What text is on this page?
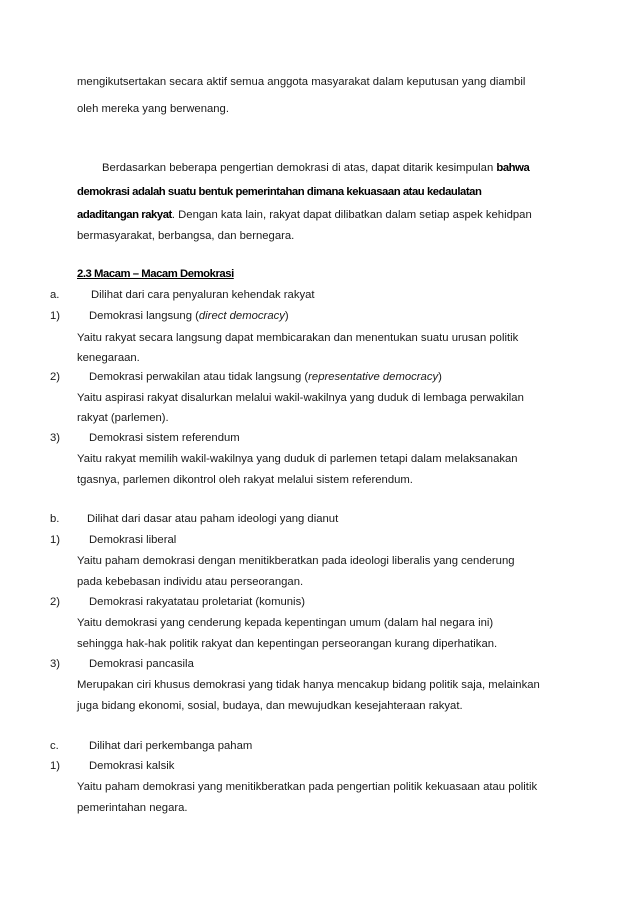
mengikutsertakan secara aktif semua anggota masyarakat dalam keputusan yang diambil
oleh mereka yang berwenang.
Berdasarkan beberapa pengertian demokrasi di atas, dapat ditarik kesimpulan bahwa
demokrasi adalah suatu bentuk pemerintahan dimana kekuasaan atau kedaulatan
adaditangan rakyat. Dengan kata lain, rakyat dapat dilibatkan dalam setiap aspek kehidpan
bermasyarakat, berbangsa, dan bernegara.
2.3 Macam – Macam Demokrasi
a.	Dilihat dari cara penyaluran kehendak rakyat
1)	Demokrasi langsung (direct democracy)
Yaitu rakyat secara langsung dapat membicarakan dan menentukan suatu urusan politik
kenegaraan.
2)	Demokrasi perwakilan atau tidak langsung (representative democracy)
Yaitu aspirasi rakyat disalurkan melalui wakil-wakilnya yang duduk di lembaga perwakilan
rakyat (parlemen).
3)	Demokrasi sistem referendum
Yaitu rakyat memilih wakil-wakilnya yang duduk di parlemen tetapi dalam melaksanakan
tgasnya, parlemen dikontrol oleh rakyat melalui sistem referendum.
b. Dilihat dari dasar atau paham ideologi yang dianut
1)	Demokrasi liberal
Yaitu paham demokrasi dengan menitikberatkan pada ideologi liberalis yang cenderung
pada kebebasan individu atau perseorangan.
2)	Demokrasi rakyatatau proletariat (komunis)
Yaitu demokrasi yang cenderung kepada kepentingan umum (dalam hal negara ini)
sehingga hak-hak politik rakyat dan kepentingan perseorangan kurang diperhatikan.
3)	Demokrasi pancasila
Merupakan ciri khusus demokrasi yang tidak hanya mencakup bidang politik saja, melainkan
juga bidang ekonomi, sosial, budaya, dan mewujudkan kesejahteraan rakyat.
c.	Dilihat dari perkembanga paham
1)	Demokrasi kalsik
Yaitu paham demokrasi yang menitikberatkan pada pengertian politik kekuasaan atau politik
pemerintahan negara.
